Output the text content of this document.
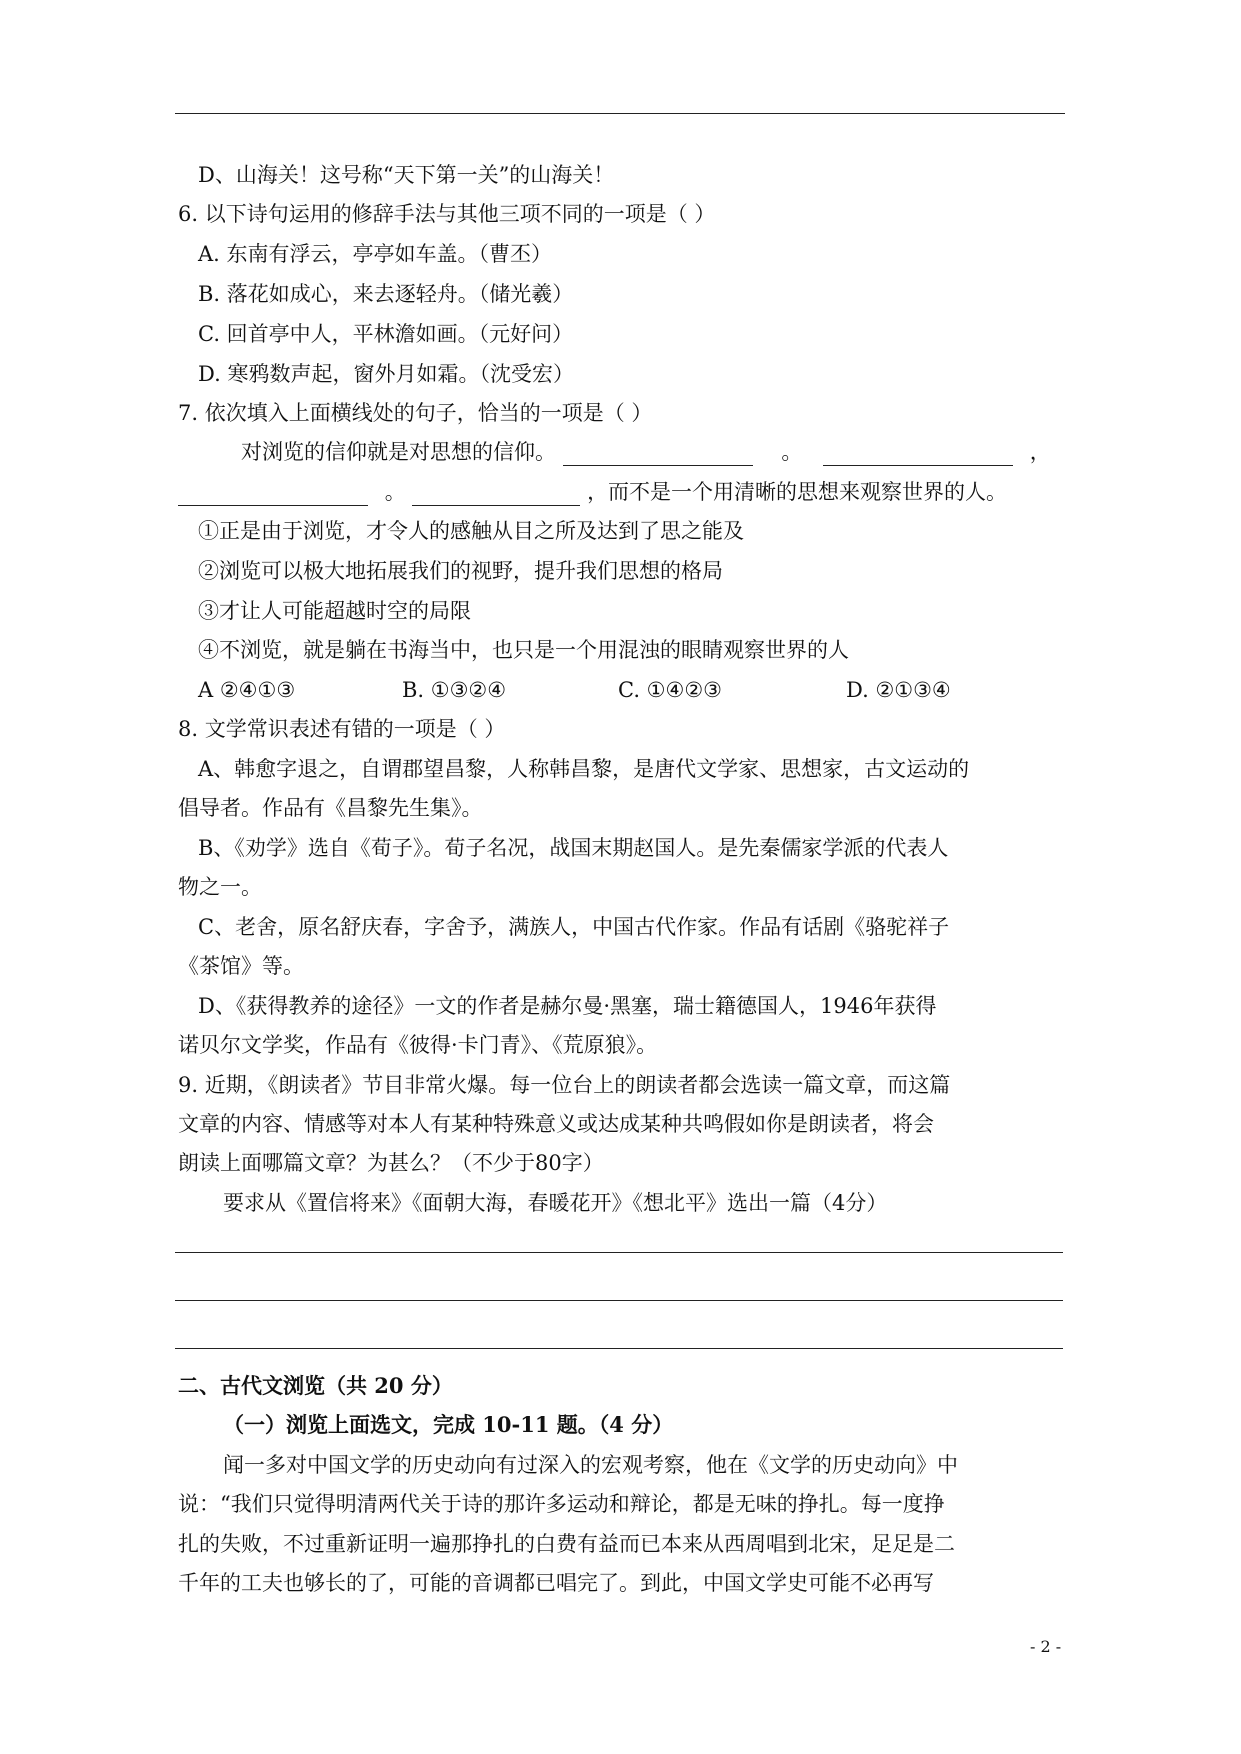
D、山海关！这号称“天下第一关”的山海关！
6. 以下诗句运用的修辞手法与其他三项不同的一项是（ ）
A. 东南有浮云，亭亭如车盖。（曹丕）
B. 落花如成心，来去逐轻舟。（储光羲）
C. 回首亭中人，平林澹如画。（元好问）
D. 寒鸦数声起，窗外月如霜。（沈受宏）
7. 依次填入上面横线处的句子，恰当的一项是（ ）
对浏览的信仰就是对思想的信仰。	。	，
。	，而不是一个用清晰的思想来观察世界的人。
①正是由于浏览，才令人的感触从目之所及达到了思之能及
②浏览可以极大地拓展我们的视野，提升我们思想的格局
③才让人可能超越时空的局限
④不浏览，就是躺在书海当中，也只是一个用混浊的眼睛观察世界的人
A ②④①③	B. ①③②④	C. ①④②③	D. ②①③④
8. 文学常识表述有错的一项是（ ）
A、韩愈字退之，自谓郡望昌黎，人称韩昌黎，是唐代文学家、思想家，古文运动的
倡导者。作品有《昌黎先生集》。
B、《劝学》选自《荀子》。荀子名况，战国末期赵国人。是先秦儒家学派的代表人
物之一。
C、老舍，原名舒庆春，字舍予，满族人，中国古代作家。作品有话剧《骆驼祥子
《茶馆》等。
D、《获得教养的途径》一文的作者是赫尔曼·黑塞，瑞士籍德国人，1946年获得
诺贝尔文学奖，作品有《彼得·卡门青》、《荒原狼》。
9. 近期，《朗读者》节目非常火爆。每一位台上的朗读者都会选读一篇文章，而这篇
文章的内容、情感等对本人有某种特殊意义或达成某种共鸣假如你是朗读者，将会
朗读上面哪篇文章？为甚么？（不少于80字）
要求从《置信将来》《面朝大海，春暖花开》《想北平》选出一篇（4分）
二、古代文浏览（共 20 分）
（一）浏览上面选文，完成 10-11 题。（4 分）
闻一多对中国文学的历史动向有过深入的宏观考察，他在《文学的历史动向》中
说：“我们只觉得明清两代关于诗的那许多运动和辩论，都是无味的挣扎。每一度挣
扎的失败，不过重新证明一遍那挣扎的白费有益而已本来从西周唱到北宋，足足是二
千年的工夫也够长的了，可能的音调都已唱完了。到此，中国文学史可能不必再写
- 2 -
